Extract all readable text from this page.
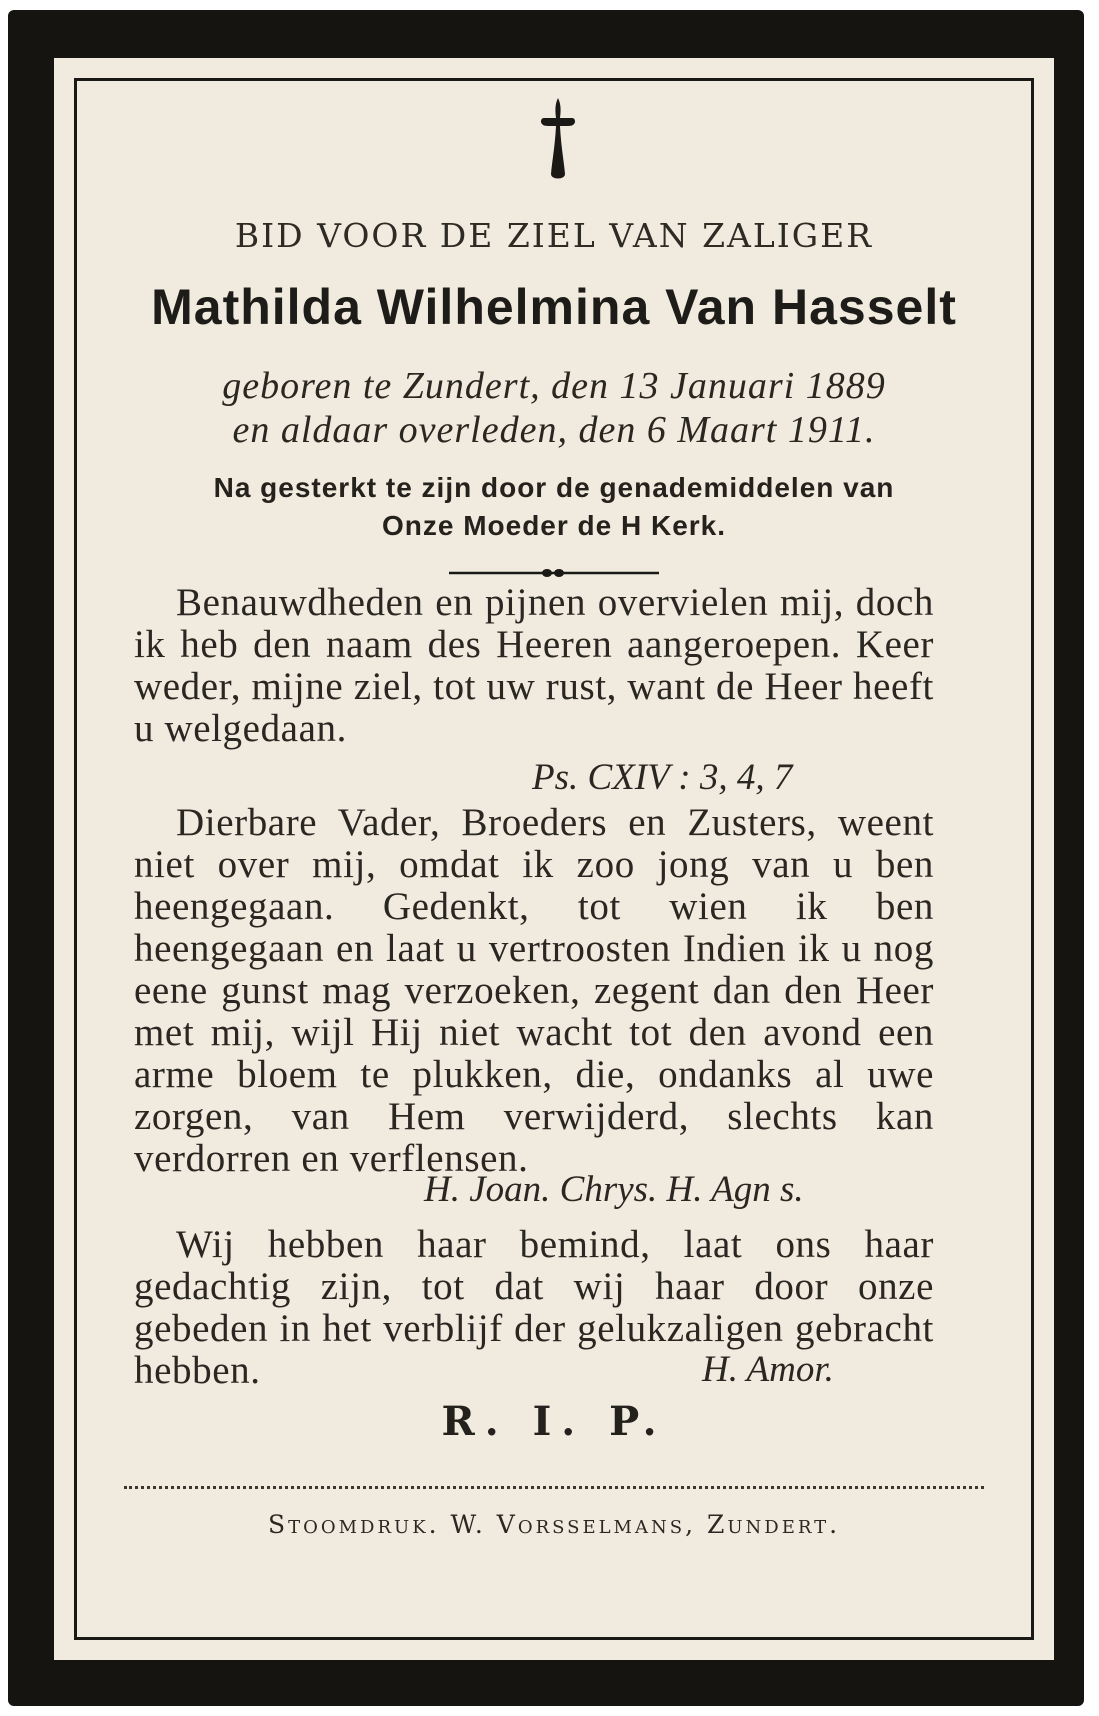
BID VOOR DE ZIEL VAN ZALIGER
Mathilda Wilhelmina Van Hasselt
geboren te Zundert, den 13 Januari 1889
en aldaar overleden, den 6 Maart 1911.
Na gesterkt te zijn door de genademiddelen van
Onze Moeder de H Kerk.

Benauwdheden en pijnen overvielen mij, doch ik heb den naam des Heeren aangeroepen. Keer weder, mijne ziel, tot uw rust, want de Heer heeft u welgedaan.

Ps. CXIV : 3, 4, 7

Dierbare Vader, Broeders en Zusters, weent niet over mij, omdat ik zoo jong van u ben heengegaan. Gedenkt, tot wien ik ben heengegaan en laat u vertroosten Indien ik u nog eene gunst mag verzoeken, zegent dan den Heer met mij, wijl Hij niet wacht tot den avond een arme bloem te plukken, die, ondanks al uwe zorgen, van Hem verwijderd, slechts kan verdorren en verflensen.

H. Joan. Chrys. H. Agn s.

Wij hebben haar bemind, laat ons haar gedachtig zijn, tot dat wij haar door onze gebeden in het verblijf der gelukzaligen gebracht hebben.	H. Amor.
R. I. P.
Stoomdruk. W. Vorsselmans, Zundert.
